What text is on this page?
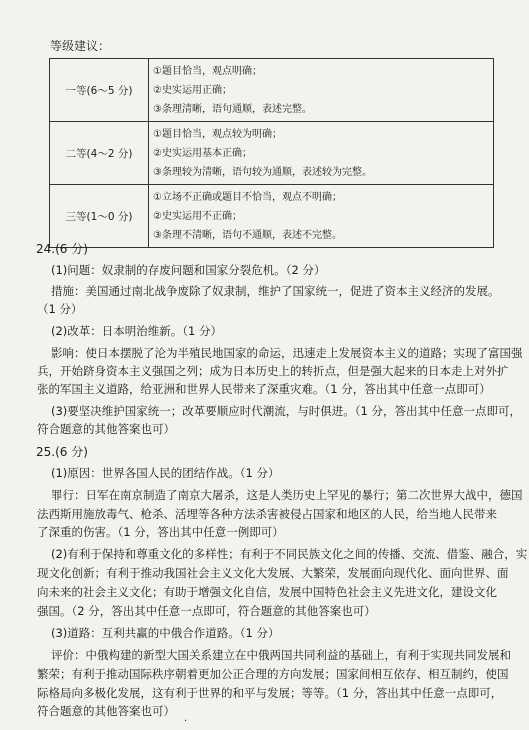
等级建议：
一等(6～5 分)	①题目恰当，观点明确；
②史实运用正确；
③条理清晰，语句通顺，表述完整。

二等(4～2 分)	①题目恰当，观点较为明确；
②史实运用基本正确；
③条理较为清晰，语句较为通顺，表述较为完整。

三等(1～0 分)	①立场不正确或题目不恰当，观点不明确；
②史实运用不正确；
③条理不清晰，语句不通顺，表述不完整。
24.(6 分)
(1)问题：奴隶制的存废问题和国家分裂危机。（2 分）
措施：美国通过南北战争废除了奴隶制，维护了国家统一，促进了资本主义经济的发展。
（1 分）
(2)改革：日本明治维新。（1 分）
影响：使日本摆脱了沦为半殖民地国家的命运，迅速走上发展资本主义的道路；实现了富国强
兵，开始跻身资本主义强国之列；成为日本历史上的转折点，但是强大起来的日本走上对外扩
张的军国主义道路，给亚洲和世界人民带来了深重灾难。（1 分，答出其中任意一点即可）
(3)要坚决维护国家统一；改革要顺应时代潮流，与时俱进。（1 分，答出其中任意一点即可，
符合题意的其他答案也可）
25.(6 分)
(1)原因：世界各国人民的团结作战。（1 分）
罪行：日军在南京制造了南京大屠杀，这是人类历史上罕见的暴行；第二次世界大战中，德国
法西斯用施放毒气、枪杀、活埋等各种方法杀害被侵占国家和地区的人民，给当地人民带来
了深重的伤害。（1 分，答出其中任意一例即可）
(2)有利于保持和尊重文化的多样性；有利于不同民族文化之间的传播、交流、借鉴、融合，实
现文化创新；有利于推动我国社会主义文化大发展、大繁荣，发展面向现代化、面向世界、面
向未来的社会主义文化；有助于增强文化自信，发展中国特色社会主义先进文化，建设文化
强国。（2 分，答出其中任意一点即可，符合题意的其他答案也可）
(3)道路：互利共赢的中俄合作道路。（1 分）
评价：中俄构建的新型大国关系建立在中俄两国共同利益的基础上，有利于实现共同发展和
繁荣；有利于推动国际秩序朝着更加公正合理的方向发展；国家间相互依存、相互制约，使国
际格局向多极化发展，这有利于世界的和平与发展；等等。（1 分，答出其中任意一点即可，
符合题意的其他答案也可）
·
